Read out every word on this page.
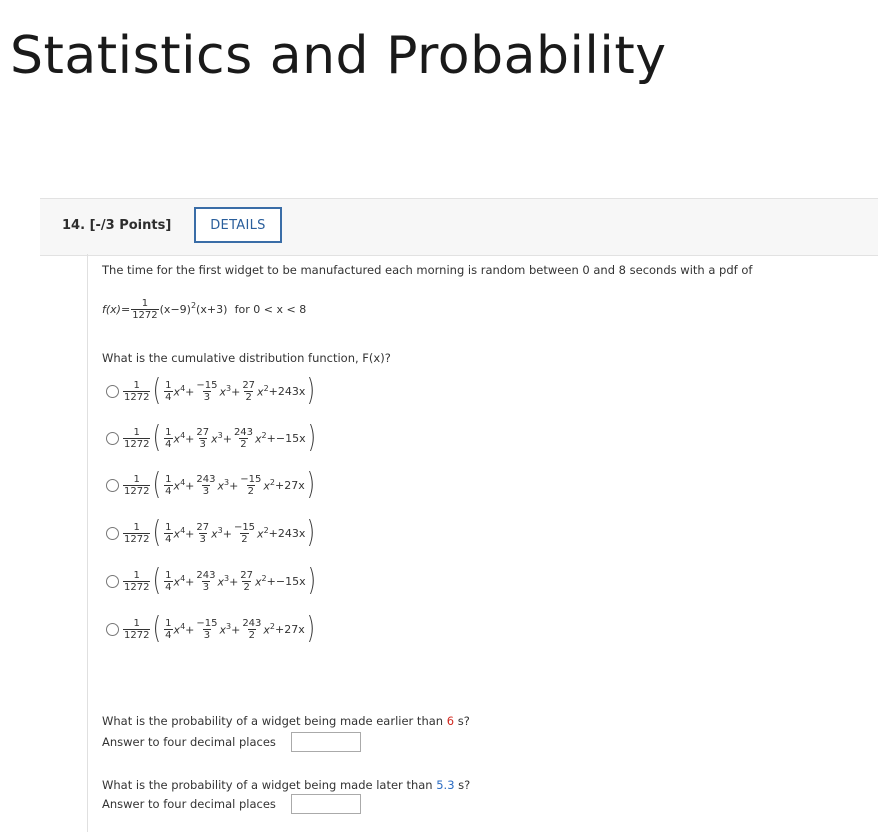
Statistics and Probability
14. [-/3 Points]	DETAILS
The time for the first widget to be manufactured each morning is random between 0 and 8 seconds with a pdf of
$f(x)= \frac{1}{1272} (x-9)^2(x+3)$ for 0 < x < 8
What is the cumulative distribution function, F(x)?
$\frac{1}{1272}$ ( $\frac{1}{4} x^4+ \frac{-15}{3} x^3+ \frac{27}{2} x^2 +243x$ )
$\frac{1}{1272}$ ( $\frac{1}{4} x^4+ \frac{27}{3} x^3+ \frac{243}{2} x^2 +-15x$ )
$\frac{1}{1272}$ ( $\frac{1}{4} x^4+ \frac{243}{3} x^3+ \frac{-15}{2} x^2 +27x$ )
$\frac{1}{1272}$ ( $\frac{1}{4} x^4+ \frac{27}{3} x^3+ \frac{-15}{2} x^2 +243x$ )
$\frac{1}{1272}$ ( $\frac{1}{4} x^4+ \frac{243}{3} x^3+ \frac{27}{2} x^2 +-15x$ )
$\frac{1}{1272}$ ( $\frac{1}{4} x^4+ \frac{-15}{3} x^3+ \frac{243}{2} x^2 +27x$ )
What is the probability of a widget being made earlier than 6 s?
Answer to four decimal places
What is the probability of a widget being made later than 5.3 s?
Answer to four decimal places
